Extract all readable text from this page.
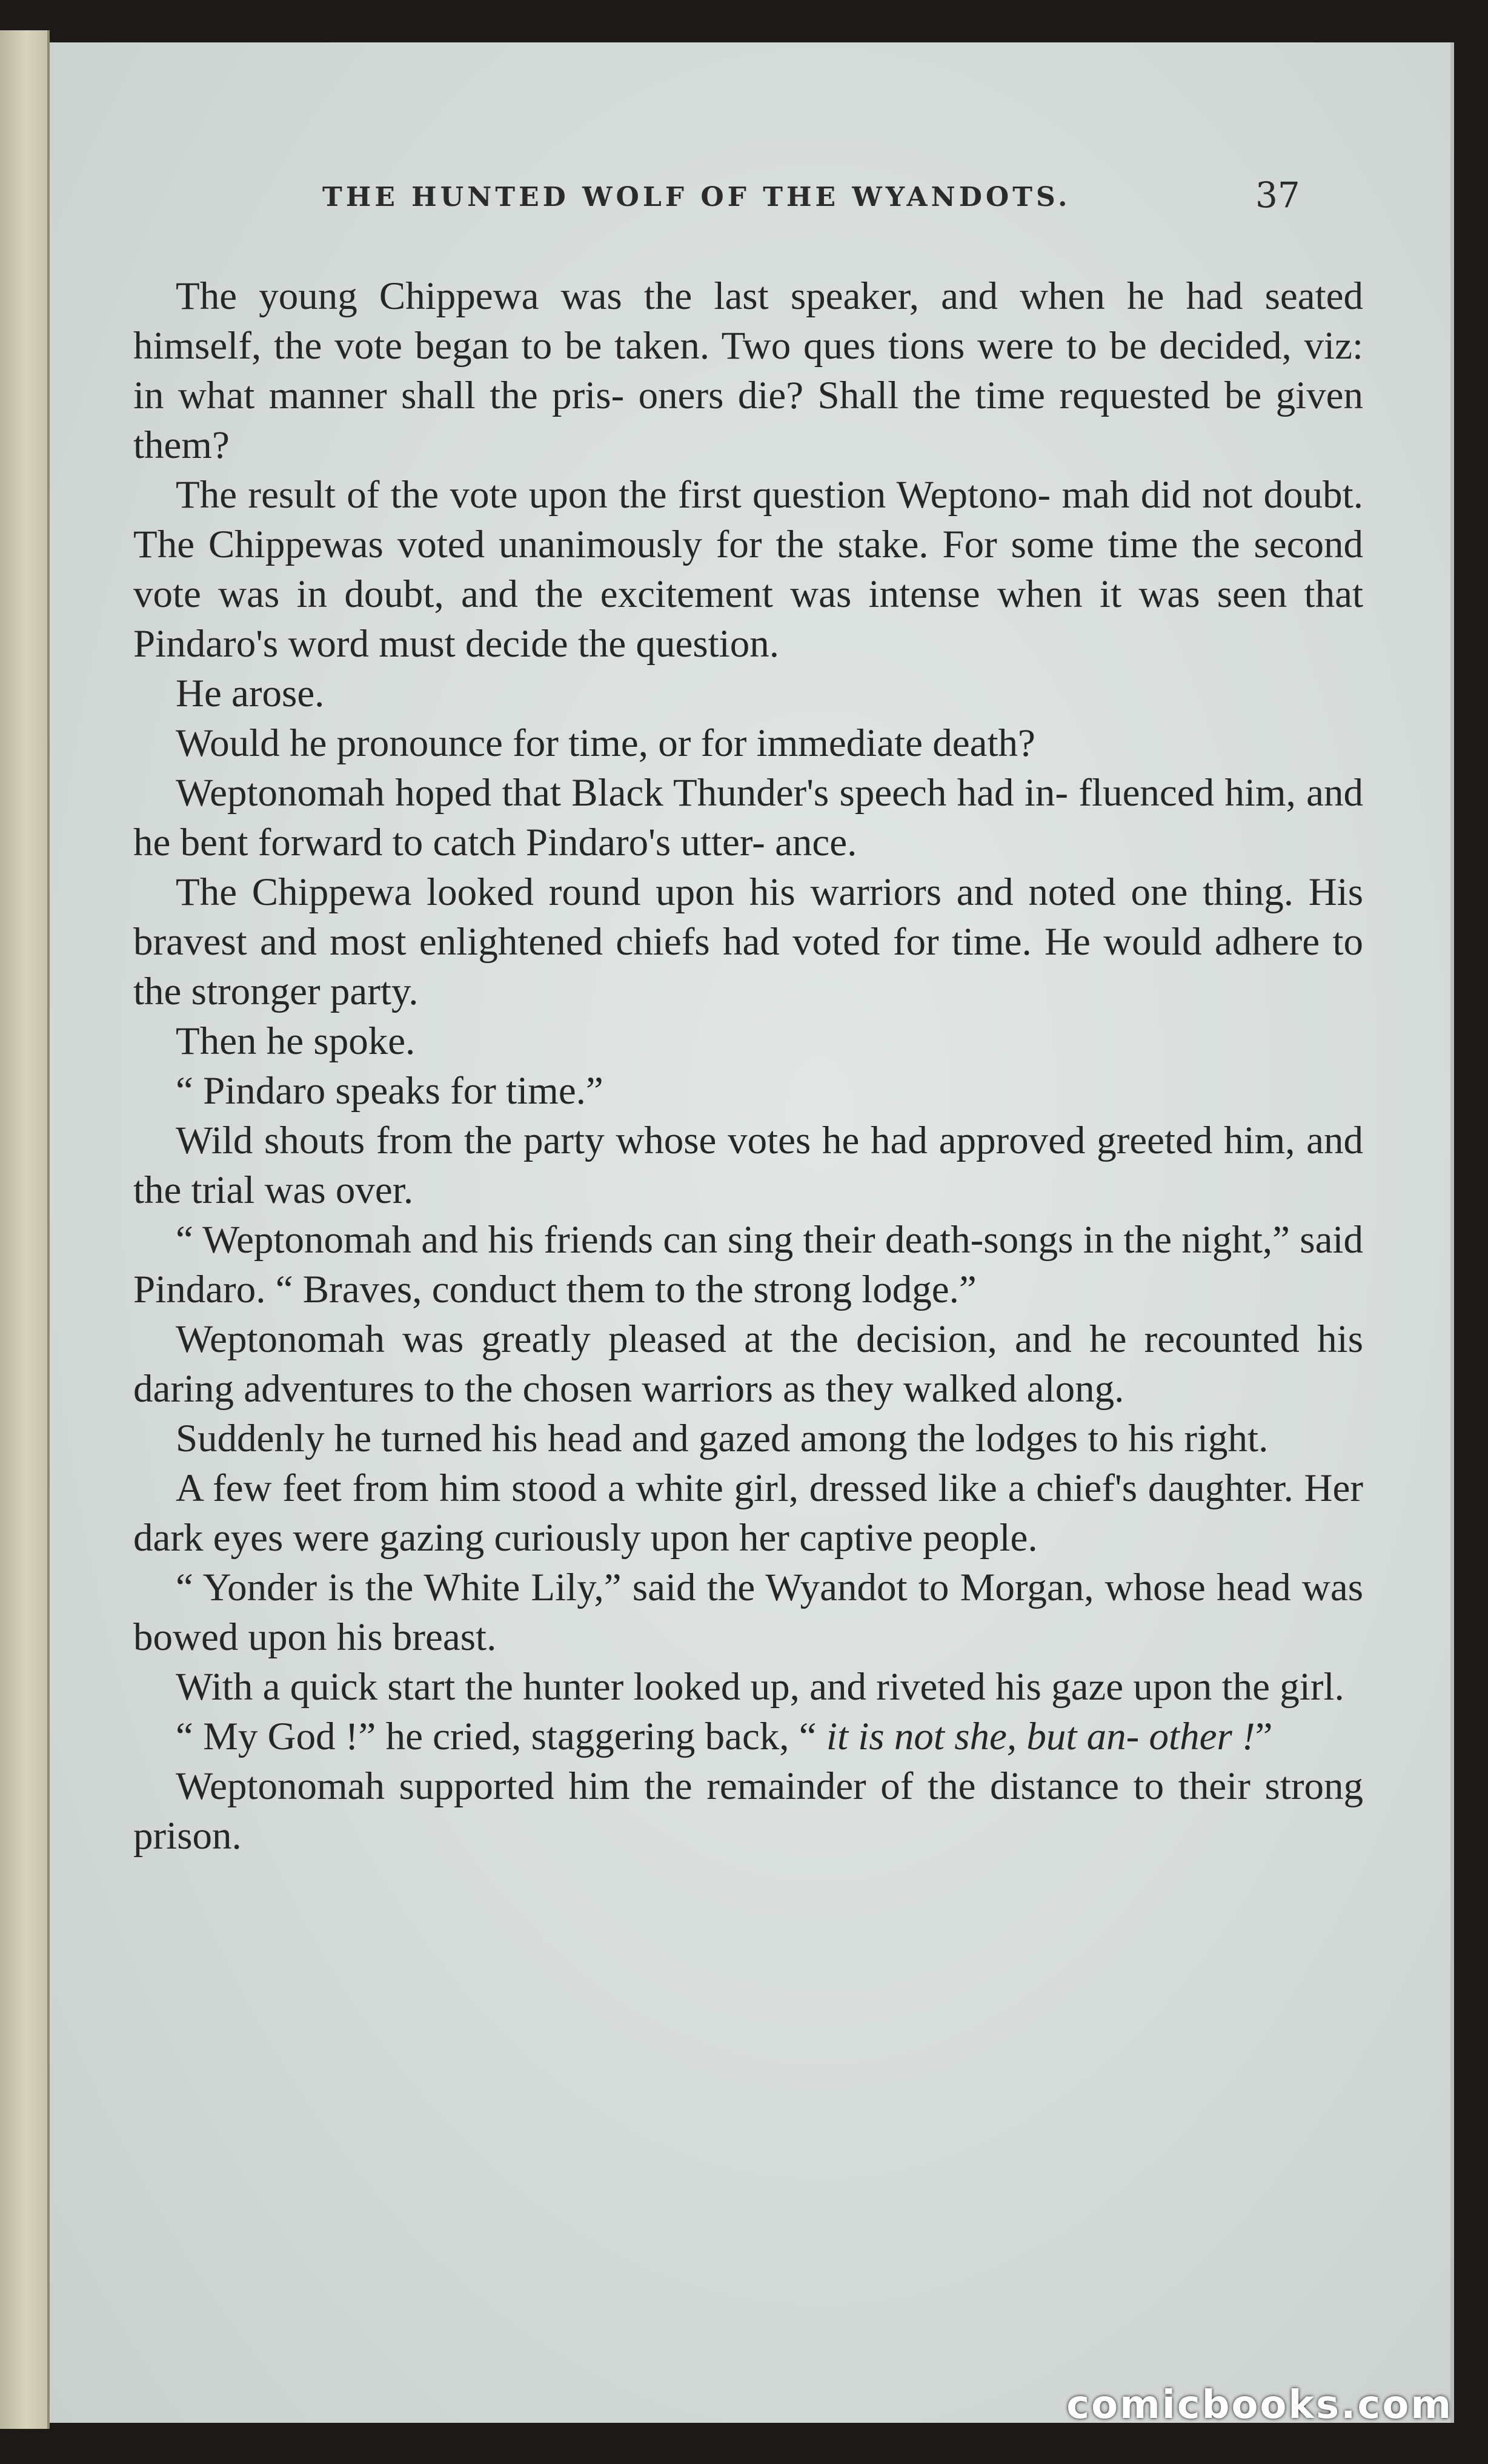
THE HUNTED WOLF OF THE WYANDOTS.	37

The young Chippewa was the last speaker, and when he had seated himself, the vote began to be taken. Two ques tions were to be decided, viz: in what manner shall the pris- oners die? Shall the time requested be given them?

The result of the vote upon the first question Weptono- mah did not doubt. The Chippewas voted unanimously for the stake. For some time the second vote was in doubt, and the excitement was intense when it was seen that Pindaro's word must decide the question.

He arose.

Would he pronounce for time, or for immediate death?

Weptonomah hoped that Black Thunder's speech had in- fluenced him, and he bent forward to catch Pindaro's utter- ance.

The Chippewa looked round upon his warriors and noted one thing. His bravest and most enlightened chiefs had voted for time. He would adhere to the stronger party.

Then he spoke.

“ Pindaro speaks for time.”

Wild shouts from the party whose votes he had approved greeted him, and the trial was over.

“ Weptonomah and his friends can sing their death-songs in the night,” said Pindaro. “ Braves, conduct them to the strong lodge.”

Weptonomah was greatly pleased at the decision, and he recounted his daring adventures to the chosen warriors as they walked along.

Suddenly he turned his head and gazed among the lodges to his right.

A few feet from him stood a white girl, dressed like a chief's daughter. Her dark eyes were gazing curiously upon her captive people.

“ Yonder is the White Lily,” said the Wyandot to Morgan, whose head was bowed upon his breast.

With a quick start the hunter looked up, and riveted his gaze upon the girl.

“ My God !” he cried, staggering back, “ it is not she, but an- other !”

Weptonomah supported him the remainder of the distance to their strong prison.

comicbooks.com
